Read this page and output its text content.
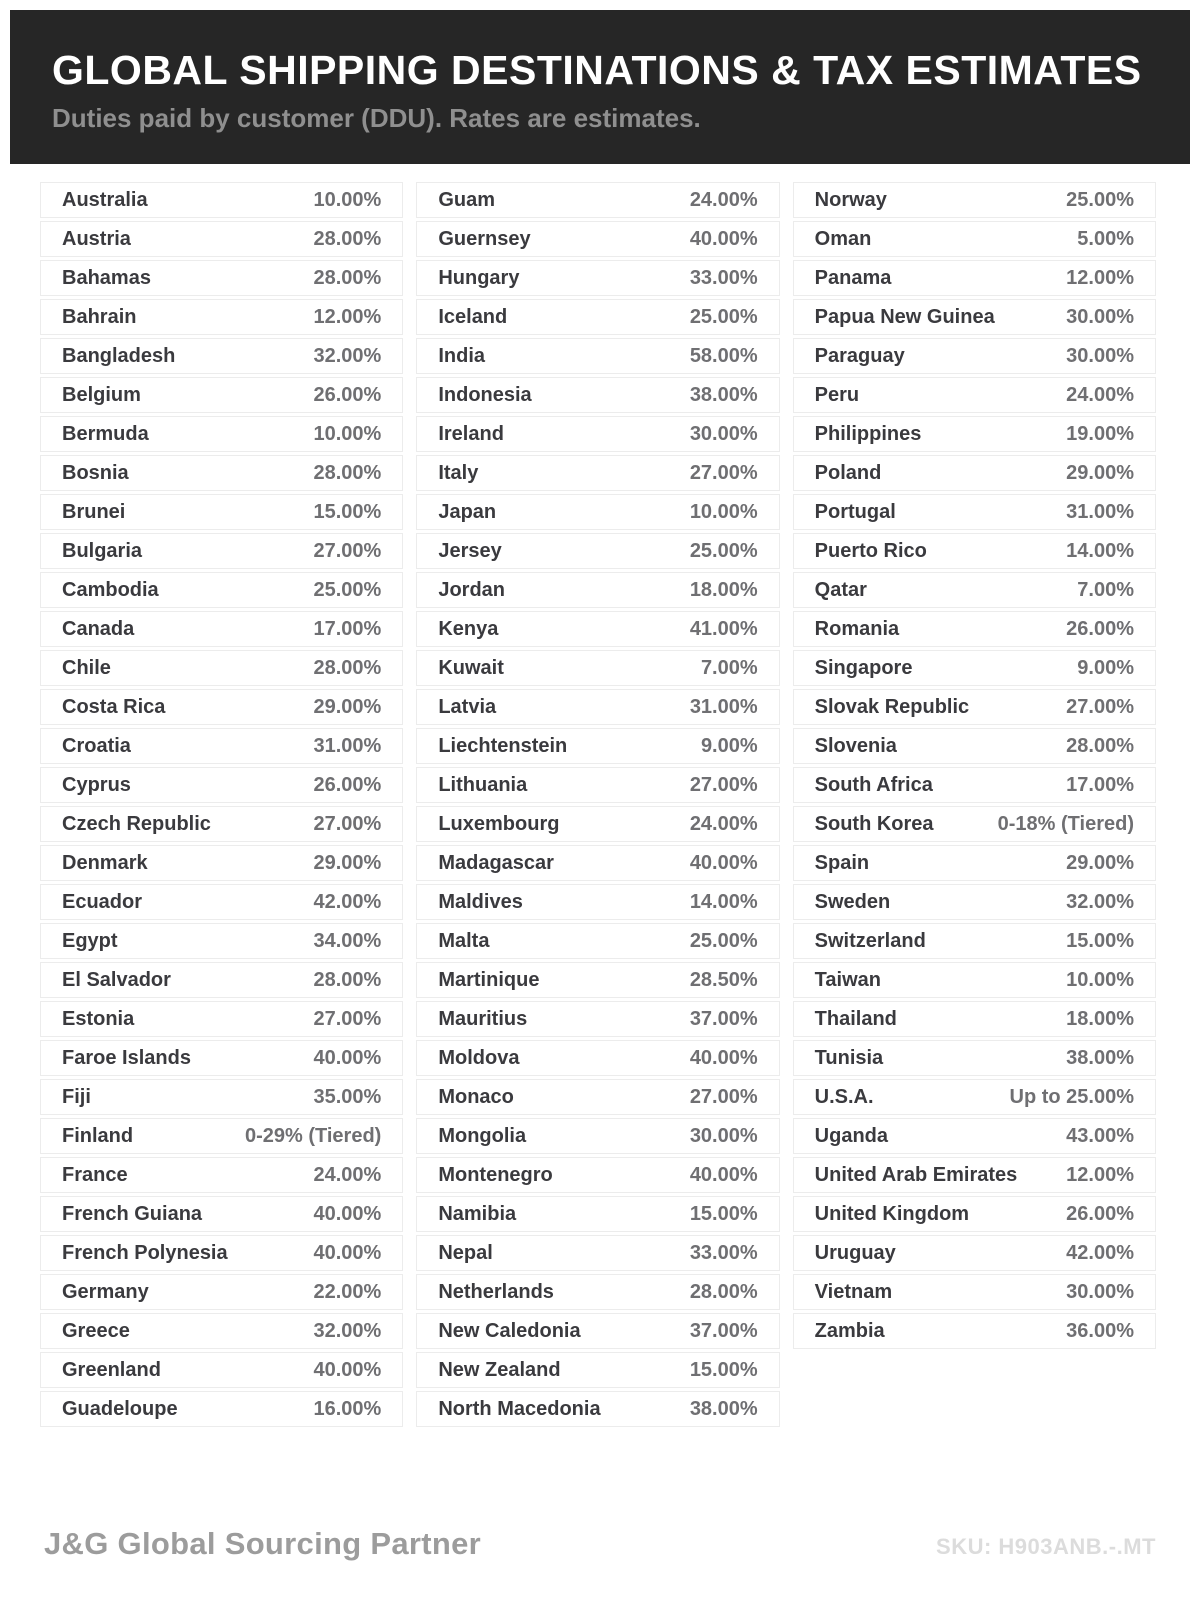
GLOBAL SHIPPING DESTINATIONS & TAX ESTIMATES
Duties paid by customer (DDU). Rates are estimates.
Australia	10.00%
Austria	28.00%
Bahamas	28.00%
Bahrain	12.00%
Bangladesh	32.00%
Belgium	26.00%
Bermuda	10.00%
Bosnia	28.00%
Brunei	15.00%
Bulgaria	27.00%
Cambodia	25.00%
Canada	17.00%
Chile	28.00%
Costa Rica	29.00%
Croatia	31.00%
Cyprus	26.00%
Czech Republic	27.00%
Denmark	29.00%
Ecuador	42.00%
Egypt	34.00%
El Salvador	28.00%
Estonia	27.00%
Faroe Islands	40.00%
Fiji	35.00%
Finland	0-29% (Tiered)
France	24.00%
French Guiana	40.00%
French Polynesia	40.00%
Germany	22.00%
Greece	32.00%
Greenland	40.00%
Guadeloupe	16.00%
Guam	24.00%
Guernsey	40.00%
Hungary	33.00%
Iceland	25.00%
India	58.00%
Indonesia	38.00%
Ireland	30.00%
Italy	27.00%
Japan	10.00%
Jersey	25.00%
Jordan	18.00%
Kenya	41.00%
Kuwait	7.00%
Latvia	31.00%
Liechtenstein	9.00%
Lithuania	27.00%
Luxembourg	24.00%
Madagascar	40.00%
Maldives	14.00%
Malta	25.00%
Martinique	28.50%
Mauritius	37.00%
Moldova	40.00%
Monaco	27.00%
Mongolia	30.00%
Montenegro	40.00%
Namibia	15.00%
Nepal	33.00%
Netherlands	28.00%
New Caledonia	37.00%
New Zealand	15.00%
North Macedonia	38.00%
Norway	25.00%
Oman	5.00%
Panama	12.00%
Papua New Guinea	30.00%
Paraguay	30.00%
Peru	24.00%
Philippines	19.00%
Poland	29.00%
Portugal	31.00%
Puerto Rico	14.00%
Qatar	7.00%
Romania	26.00%
Singapore	9.00%
Slovak Republic	27.00%
Slovenia	28.00%
South Africa	17.00%
South Korea	0-18% (Tiered)
Spain	29.00%
Sweden	32.00%
Switzerland	15.00%
Taiwan	10.00%
Thailand	18.00%
Tunisia	38.00%
U.S.A.	Up to 25.00%
Uganda	43.00%
United Arab Emirates 12.00%
United Kingdom	26.00%
Uruguay	42.00%
Vietnam	30.00%
Zambia	36.00%
J&G Global Sourcing Partner	SKU: H903ANB.-.MT
